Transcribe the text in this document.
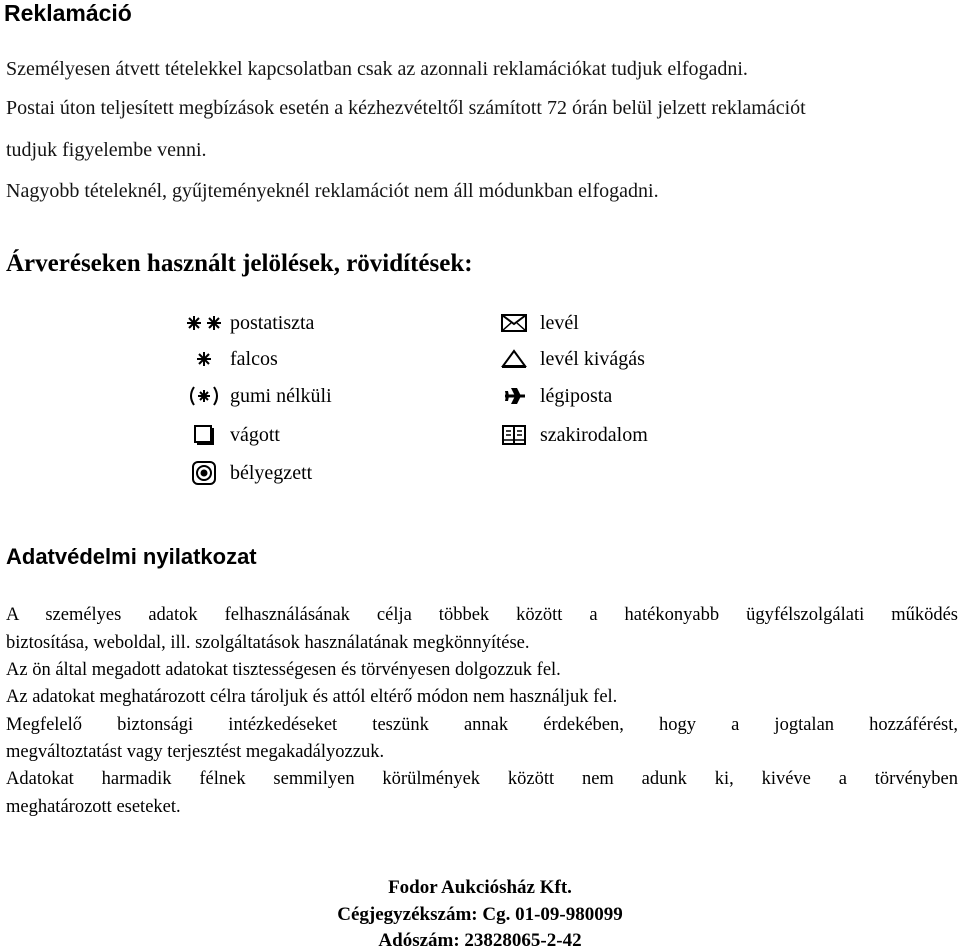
Reklamáció
Személyesen átvett tételekkel kapcsolatban csak az azonnali reklamációkat tudjuk elfogadni.
Postai úton teljesített megbízások esetén a kézhezvételtől számított 72 órán belül jelzett reklamációt
tudjuk figyelembe venni.
Nagyobb tételeknél, gyűjteményeknél reklamációt nem áll módunkban elfogadni.
Árveréseken használt jelölések, rövidítések:
postatiszta
falcos
gumi nélküli
vágott
bélyegzett
levél
levél kivágás
légiposta
szakirodalom
Adatvédelmi nyilatkozat
A személyes adatok felhasználásának célja többek között a hatékonyabb ügyfélszolgálati működés
biztosítása, weboldal, ill. szolgáltatások használatának megkönnyítése.
Az ön által megadott adatokat tisztességesen és törvényesen dolgozzuk fel.
Az adatokat meghatározott célra tároljuk és attól eltérő módon nem használjuk fel.
Megfelelő biztonsági intézkedéseket teszünk annak érdekében, hogy a jogtalan hozzáférést,
megváltoztatást vagy terjesztést megakadályozzuk.
Adatokat harmadik félnek semmilyen körülmények között nem adunk ki, kivéve a törvényben
meghatározott eseteket.
Fodor Aukciósház Kft.
Cégjegyzékszám: Cg. 01-09-980099
Adószám: 23828065-2-42
